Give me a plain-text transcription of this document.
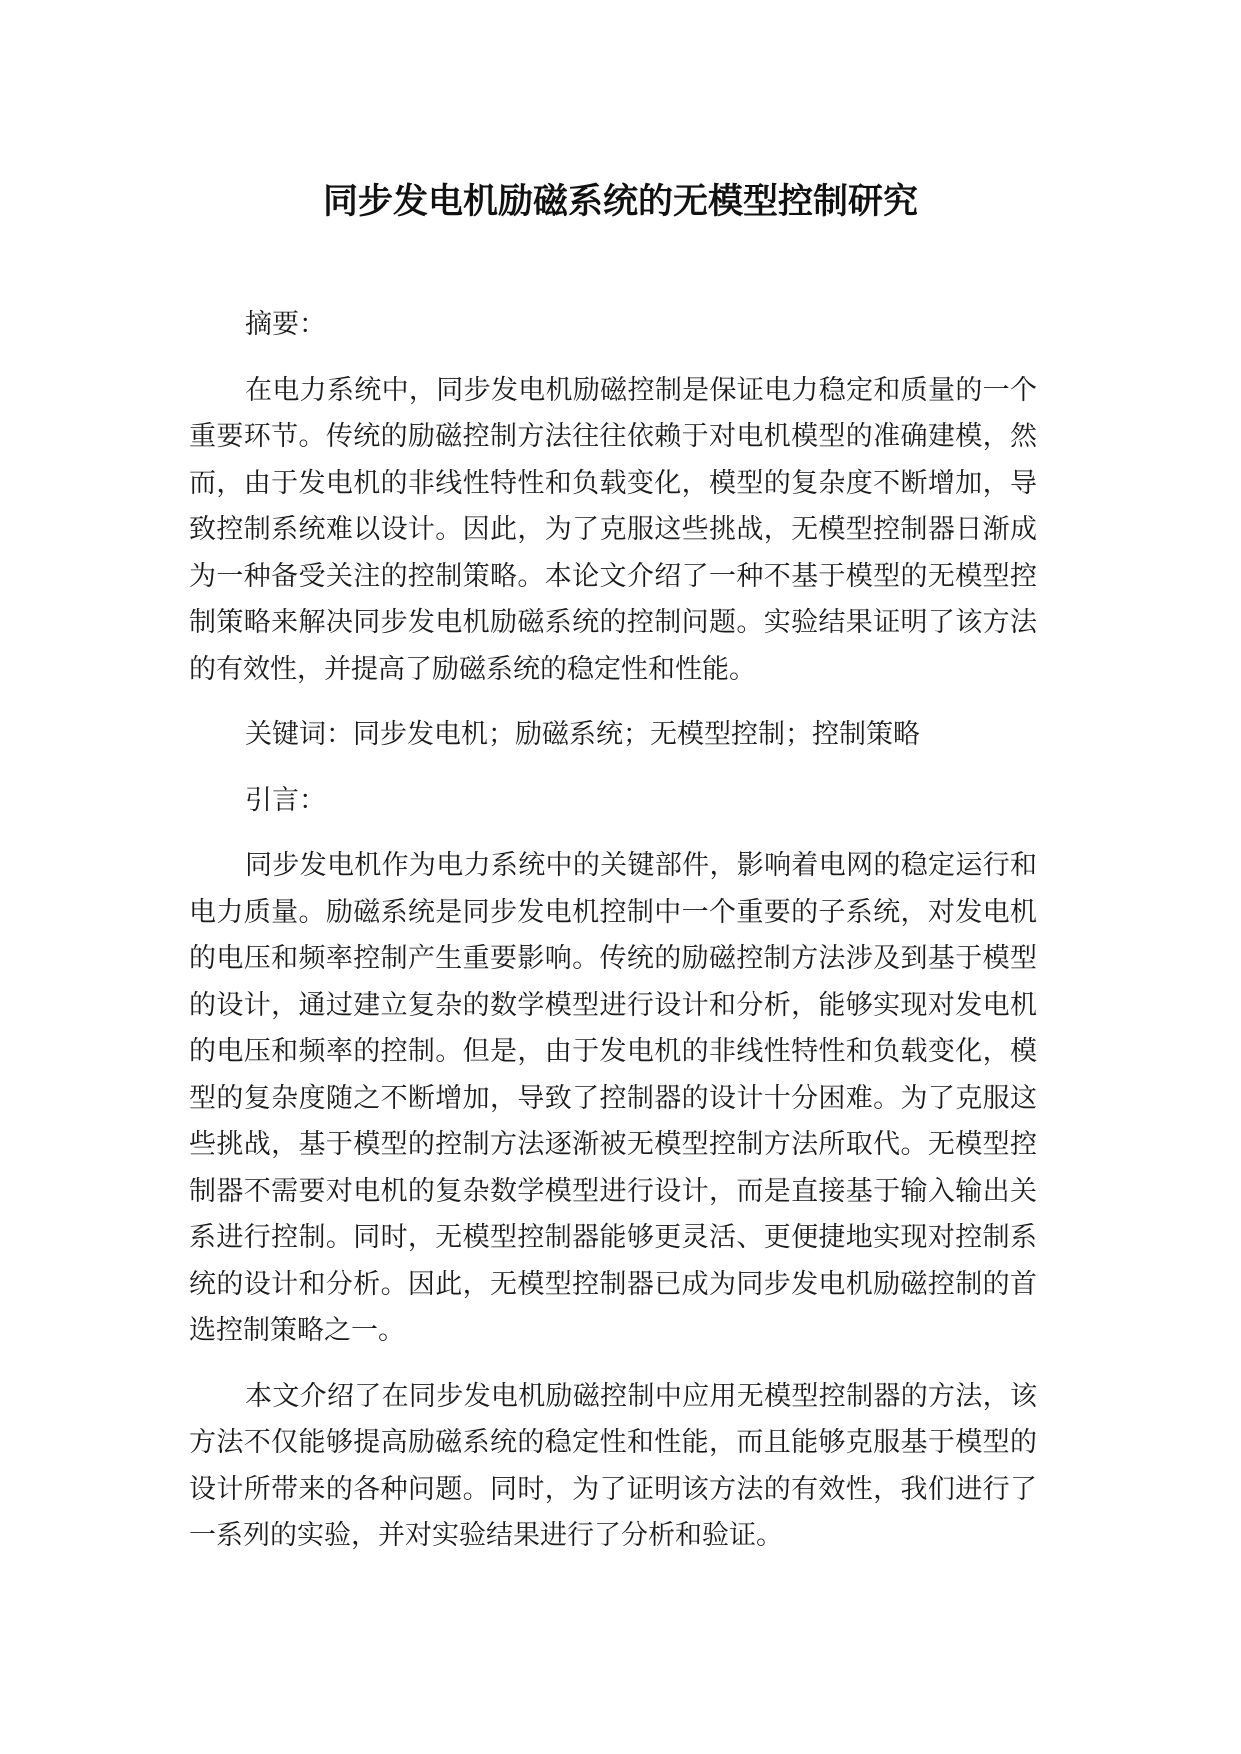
同步发电机励磁系统的无模型控制研究

摘要：

在电力系统中，同步发电机励磁控制是保证电力稳定和质量的一个重要环节。传统的励磁控制方法往往依赖于对电机模型的准确建模，然而，由于发电机的非线性特性和负载变化，模型的复杂度不断增加，导致控制系统难以设计。因此，为了克服这些挑战，无模型控制器日渐成为一种备受关注的控制策略。本论文介绍了一种不基于模型的无模型控制策略来解决同步发电机励磁系统的控制问题。实验结果证明了该方法的有效性，并提高了励磁系统的稳定性和性能。

关键词：同步发电机；励磁系统；无模型控制；控制策略

引言：

同步发电机作为电力系统中的关键部件，影响着电网的稳定运行和电力质量。励磁系统是同步发电机控制中一个重要的子系统，对发电机的电压和频率控制产生重要影响。传统的励磁控制方法涉及到基于模型的设计，通过建立复杂的数学模型进行设计和分析，能够实现对发电机的电压和频率的控制。但是，由于发电机的非线性特性和负载变化，模型的复杂度随之不断增加，导致了控制器的设计十分困难。为了克服这些挑战，基于模型的控制方法逐渐被无模型控制方法所取代。无模型控制器不需要对电机的复杂数学模型进行设计，而是直接基于输入输出关系进行控制。同时，无模型控制器能够更灵活、更便捷地实现对控制系统的设计和分析。因此，无模型控制器已成为同步发电机励磁控制的首选控制策略之一。

本文介绍了在同步发电机励磁控制中应用无模型控制器的方法，该方法不仅能够提高励磁系统的稳定性和性能，而且能够克服基于模型的设计所带来的各种问题。同时，为了证明该方法的有效性，我们进行了一系列的实验，并对实验结果进行了分析和验证。
